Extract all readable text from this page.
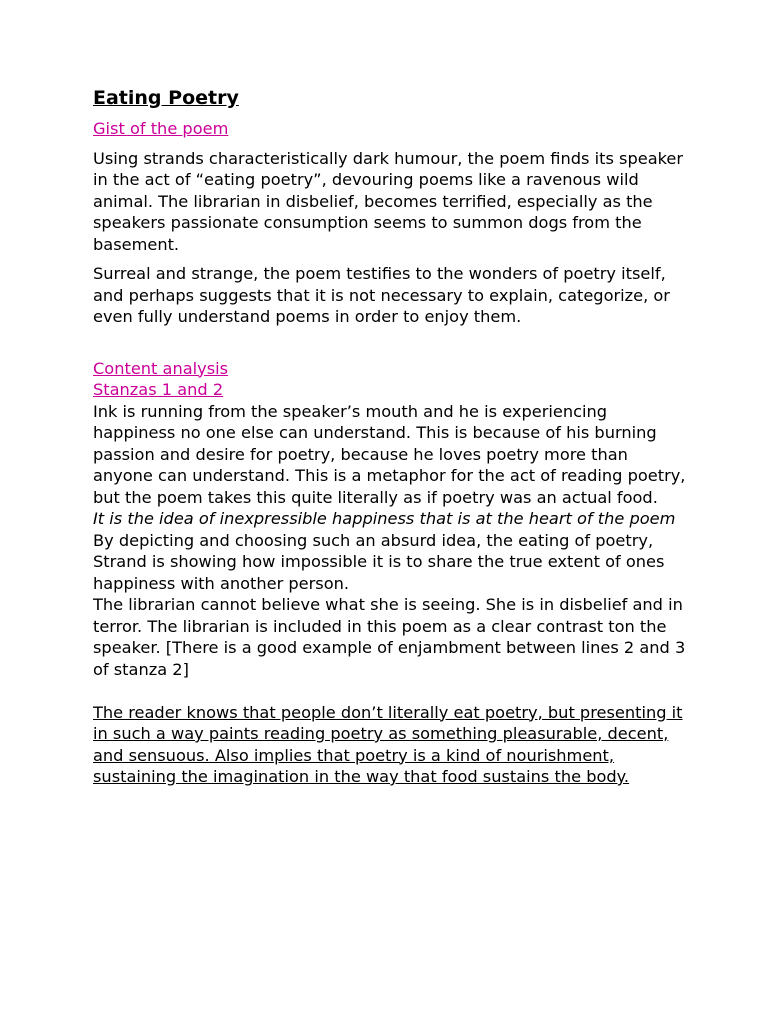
Eating Poetry
Gist of the poem

Using strands characteristically dark humour, the poem finds its speaker in the act of “eating poetry”, devouring poems like a ravenous wild animal. The librarian in disbelief, becomes terrified, especially as the speakers passionate consumption seems to summon dogs from the basement.

Surreal and strange, the poem testifies to the wonders of poetry itself, and perhaps suggests that it is not necessary to explain, categorize, or even fully understand poems in order to enjoy them.

Content analysis
Stanzas 1 and 2

Ink is running from the speaker’s mouth and he is experiencing happiness no one else can understand. This is because of his burning passion and desire for poetry, because he loves poetry more than anyone can understand. This is a metaphor for the act of reading poetry, but the poem takes this quite literally as if poetry was an actual food.

It is the idea of inexpressible happiness that is at the heart of the poem

By depicting and choosing such an absurd idea, the eating of poetry, Strand is showing how impossible it is to share the true extent of ones happiness with another person.

The librarian cannot believe what she is seeing. She is in disbelief and in terror. The librarian is included in this poem as a clear contrast ton the speaker. [There is a good example of enjambment between lines 2 and 3 of stanza 2]

The reader knows that people don’t literally eat poetry, but presenting it in such a way paints reading poetry as something pleasurable, decent, and sensuous. Also implies that poetry is a kind of nourishment, sustaining the imagination in the way that food sustains the body.
